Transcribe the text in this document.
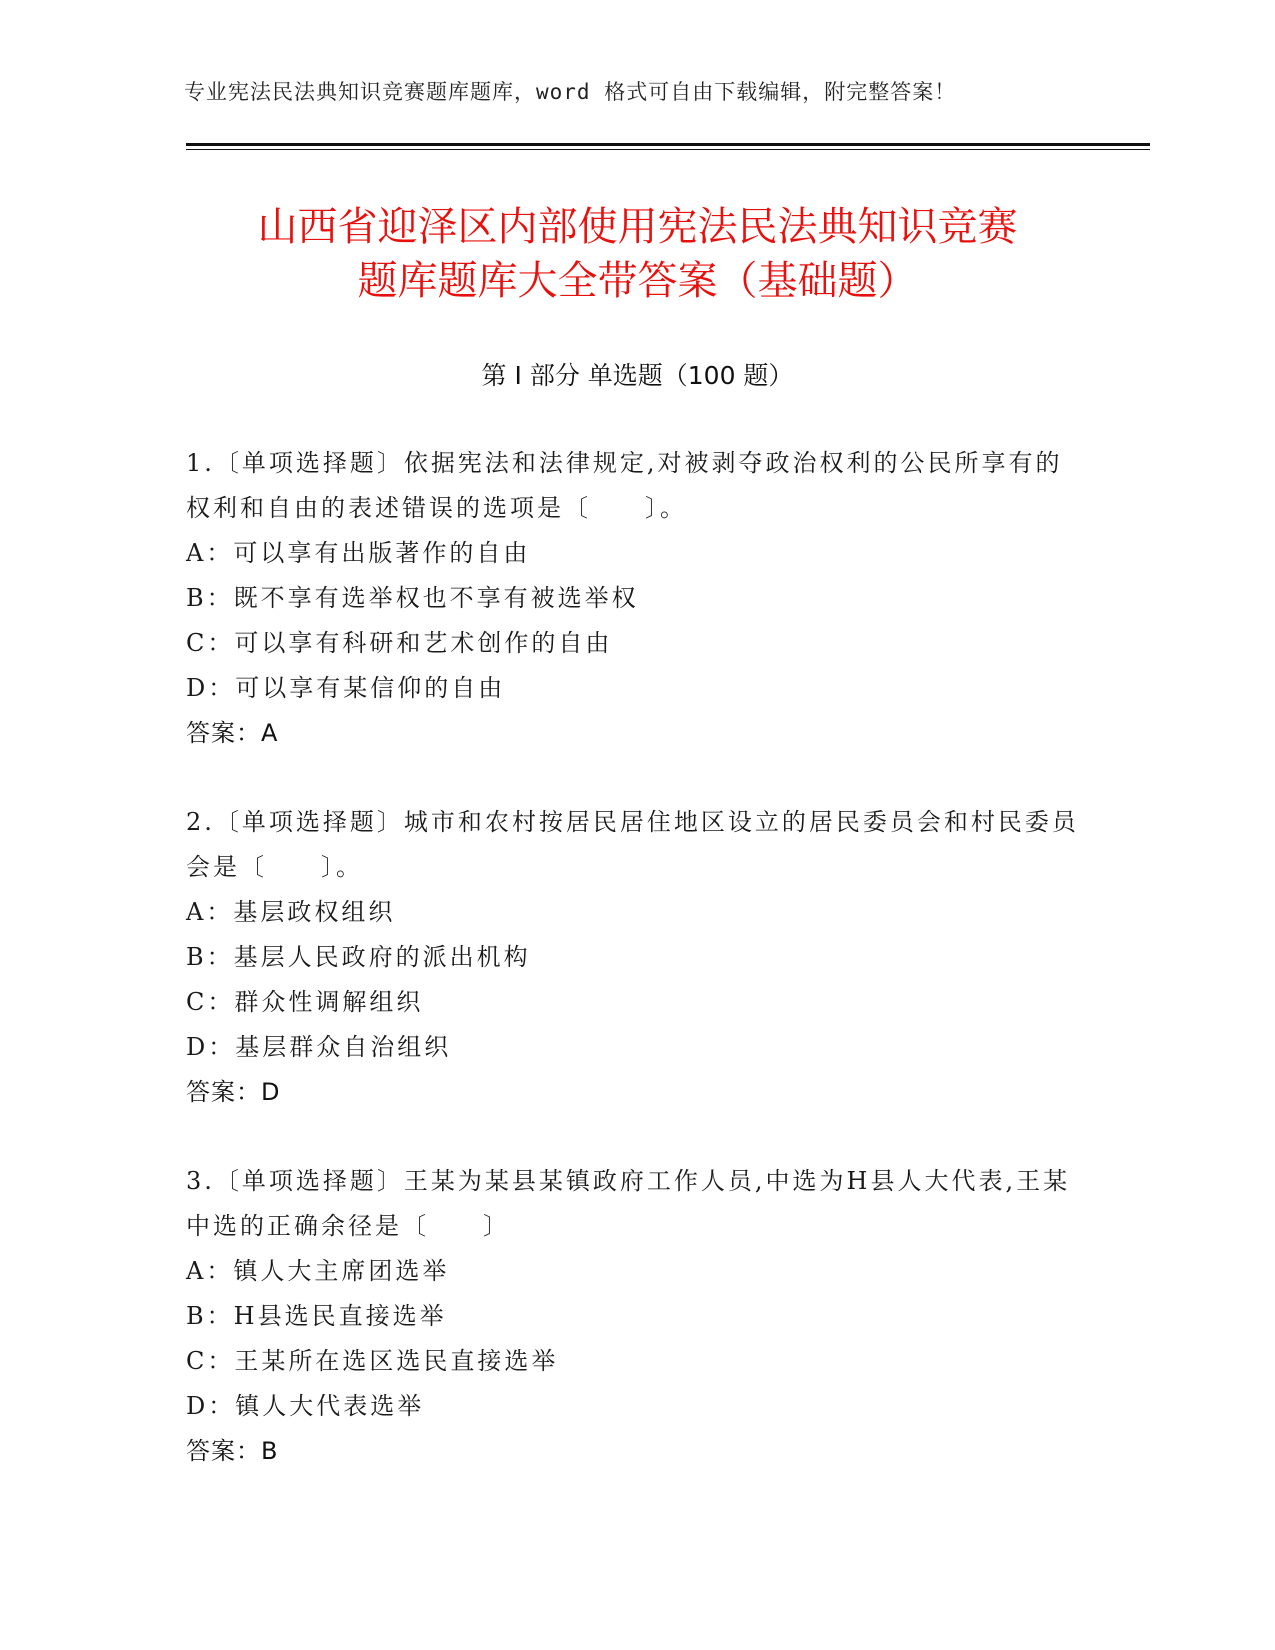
专业宪法民法典知识竞赛题库题库，word 格式可自由下载编辑，附完整答案！
山西省迎泽区内部使用宪法民法典知识竞赛
题库题库大全带答案（基础题）
第 I 部分 单选题（100 题）
1.〔单项选择题〕依据宪法和法律规定,对被剥夺政治权利的公民所享有的权利和自由的表述错误的选项是〔　　〕。
A：可以享有出版著作的自由
B：既不享有选举权也不享有被选举权
C：可以享有科研和艺术创作的自由
D：可以享有某信仰的自由
答案：A
2.〔单项选择题〕城市和农村按居民居住地区设立的居民委员会和村民委员会是〔　　〕。
A：基层政权组织
B：基层人民政府的派出机构
C：群众性调解组织
D：基层群众自治组织
答案：D
3.〔单项选择题〕王某为某县某镇政府工作人员,中选为H县人大代表,王某中选的正确余径是〔　　〕
A：镇人大主席团选举
B：H县选民直接选举
C：王某所在选区选民直接选举
D：镇人大代表选举
答案：B
